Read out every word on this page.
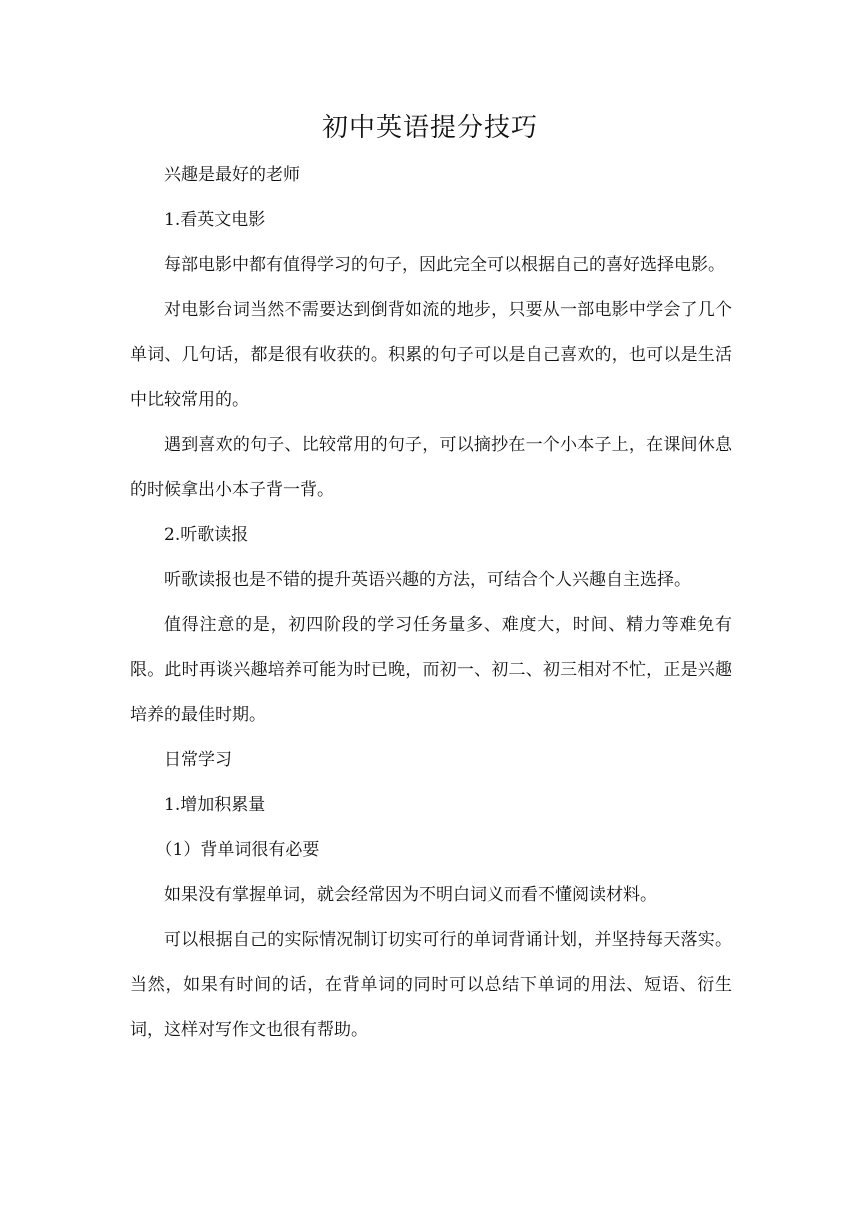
初中英语提分技巧

兴趣是最好的老师

1.看英文电影

每部电影中都有值得学习的句子，因此完全可以根据自己的喜好选择电影。

对电影台词当然不需要达到倒背如流的地步，只要从一部电影中学会了几个单词、几句话，都是很有收获的。积累的句子可以是自己喜欢的，也可以是生活中比较常用的。

遇到喜欢的句子、比较常用的句子，可以摘抄在一个小本子上，在课间休息的时候拿出小本子背一背。

2.听歌读报

听歌读报也是不错的提升英语兴趣的方法，可结合个人兴趣自主选择。

值得注意的是，初四阶段的学习任务量多、难度大，时间、精力等难免有限。此时再谈兴趣培养可能为时已晚，而初一、初二、初三相对不忙，正是兴趣培养的最佳时期。

日常学习

1.增加积累量

（1）背单词很有必要

如果没有掌握单词，就会经常因为不明白词义而看不懂阅读材料。

可以根据自己的实际情况制订切实可行的单词背诵计划，并坚持每天落实。当然，如果有时间的话，在背单词的同时可以总结下单词的用法、短语、衍生词，这样对写作文也很有帮助。
